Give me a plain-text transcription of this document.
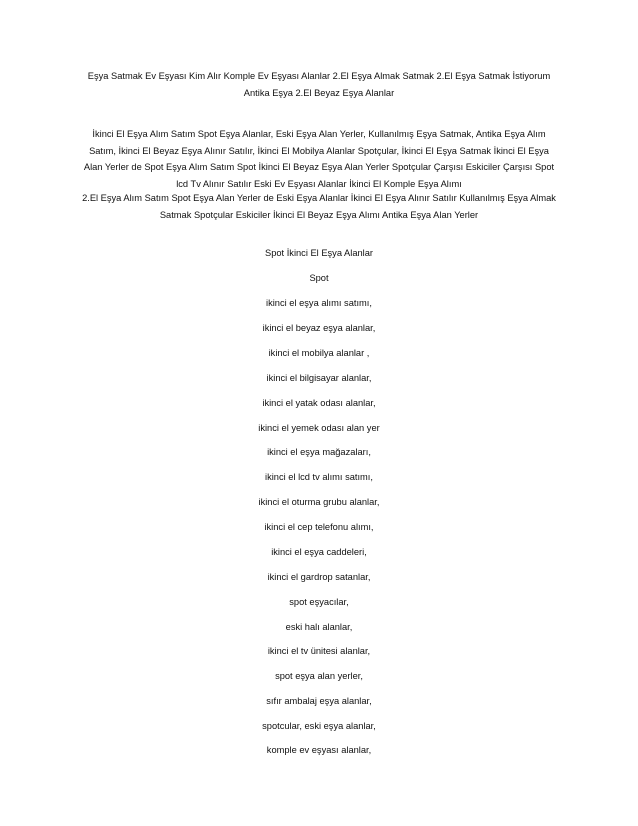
Eşya Satmak Ev Eşyası Kim Alır Komple Ev Eşyası Alanlar 2.El Eşya Almak Satmak 2.El Eşya Satmak İstiyorum Antika Eşya 2.El Beyaz Eşya Alanlar

İkinci El Eşya Alım Satım Spot Eşya Alanlar, Eski Eşya Alan Yerler, Kullanılmış Eşya Satmak, Antika Eşya Alım Satım, İkinci El Beyaz Eşya Alınır Satılır, İkinci El Mobilya Alanlar Spotçular, İkinci El Eşya Satmak İkinci El Eşya Alan Yerler de Spot Eşya Alım Satım Spot İkinci El Beyaz Eşya Alan Yerler Spotçular Çarşısı Eskiciler Çarşısı Spot lcd Tv Alınır Satılır Eski Ev Eşyası Alanlar İkinci El Komple Eşya Alımı

2.El Eşya Alım Satım Spot Eşya Alan Yerler de Eski Eşya Alanlar İkinci El Eşya Alınır Satılır Kullanılmış Eşya Almak Satmak Spotçular Eskiciler İkinci El Beyaz Eşya Alımı Antika Eşya Alan Yerler

Spot İkinci El Eşya Alanlar

Spot

ikinci el eşya alımı satımı,

ikinci el beyaz eşya alanlar,

ikinci el mobilya alanlar ,

ikinci el bilgisayar alanlar,

ikinci el yatak odası alanlar,

ikinci el yemek odası alan yer

ikinci el eşya mağazaları,

ikinci el lcd tv alımı satımı,

ikinci el oturma grubu alanlar,

ikinci el cep telefonu alımı,

ikinci el eşya caddeleri,

ikinci el gardrop satanlar,

spot eşyacılar,

eski halı alanlar,

ikinci el tv ünitesi alanlar,

spot eşya alan yerler,

sıfır ambalaj eşya alanlar,

spotcular, eski eşya alanlar,

komple ev eşyası alanlar,
